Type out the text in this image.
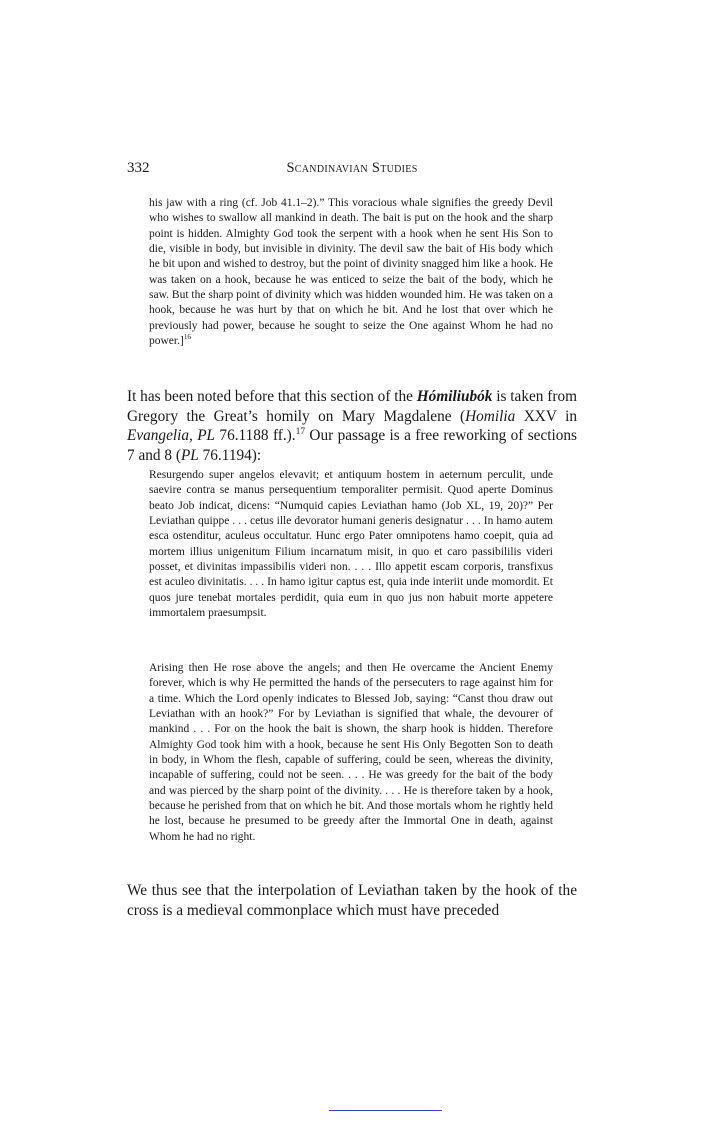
332	Scandinavian Studies
his jaw with a ring (cf. Job 41.1–2).” This voracious whale signifies the greedy Devil who wishes to swallow all mankind in death. The bait is put on the hook and the sharp point is hidden. Almighty God took the serpent with a hook when he sent His Son to die, visible in body, but invisible in divinity. The devil saw the bait of His body which he bit upon and wished to destroy, but the point of divinity snagged him like a hook. He was taken on a hook, because he was enticed to seize the bait of the body, which he saw. But the sharp point of divinity which was hidden wounded him. He was taken on a hook, because he was hurt by that on which he bit. And he lost that over which he previously had power, because he sought to seize the One against Whom he had no power.]$^{16}$
It has been noted before that this section of the Hómiliubók is taken from Gregory the Great’s homily on Mary Magdalene (Homilia XXV in Evangelia, PL 76.1188 ff.).$^{17}$ Our passage is a free reworking of sections 7 and 8 (PL 76.1194):
Resurgendo super angelos elevavit; et antiquum hostem in aeternum perculit, unde saevire contra se manus persequentium temporaliter permisit. Quod aperte Dominus beato Job indicat, dicens: “Numquid capies Leviathan hamo (Job XL, 19, 20)?” Per Leviathan quippe . . . cetus ille devorator humani generis designatur . . . In hamo autem esca ostenditur, aculeus occultatur. Hunc ergo Pater omnipotens hamo coepit, quia ad mortem illius unigenitum Filium incarnatum misit, in quo et caro passibililis videri posset, et divinitas impassibilis videri non. . . . Illo appetit escam corporis, transfixus est aculeo divinitatis. . . . In hamo igitur captus est, quia inde interiit unde momordit. Et quos jure tenebat mortales perdidit, quia eum in quo jus non habuit morte appetere immortalem praesumpsit.
Arising then He rose above the angels; and then He overcame the Ancient Enemy forever, which is why He permitted the hands of the persecuters to rage against him for a time. Which the Lord openly indicates to Blessed Job, saying: “Canst thou draw out Leviathan with an hook?” For by Leviathan is signified that whale, the devourer of mankind . . . For on the hook the bait is shown, the sharp hook is hidden. Therefore Almighty God took him with a hook, because he sent His Only Begotten Son to death in body, in Whom the flesh, capable of suffering, could be seen, whereas the divinity, incapable of suffering, could not be seen. . . . He was greedy for the bait of the body and was pierced by the sharp point of the divinity. . . . He is therefore taken by a hook, because he perished from that on which he bit. And those mortals whom he rightly held he lost, because he presumed to be greedy after the Immortal One in death, against Whom he had no right.
We thus see that the interpolation of Leviathan taken by the hook of the cross is a medieval commonplace which must have preceded
